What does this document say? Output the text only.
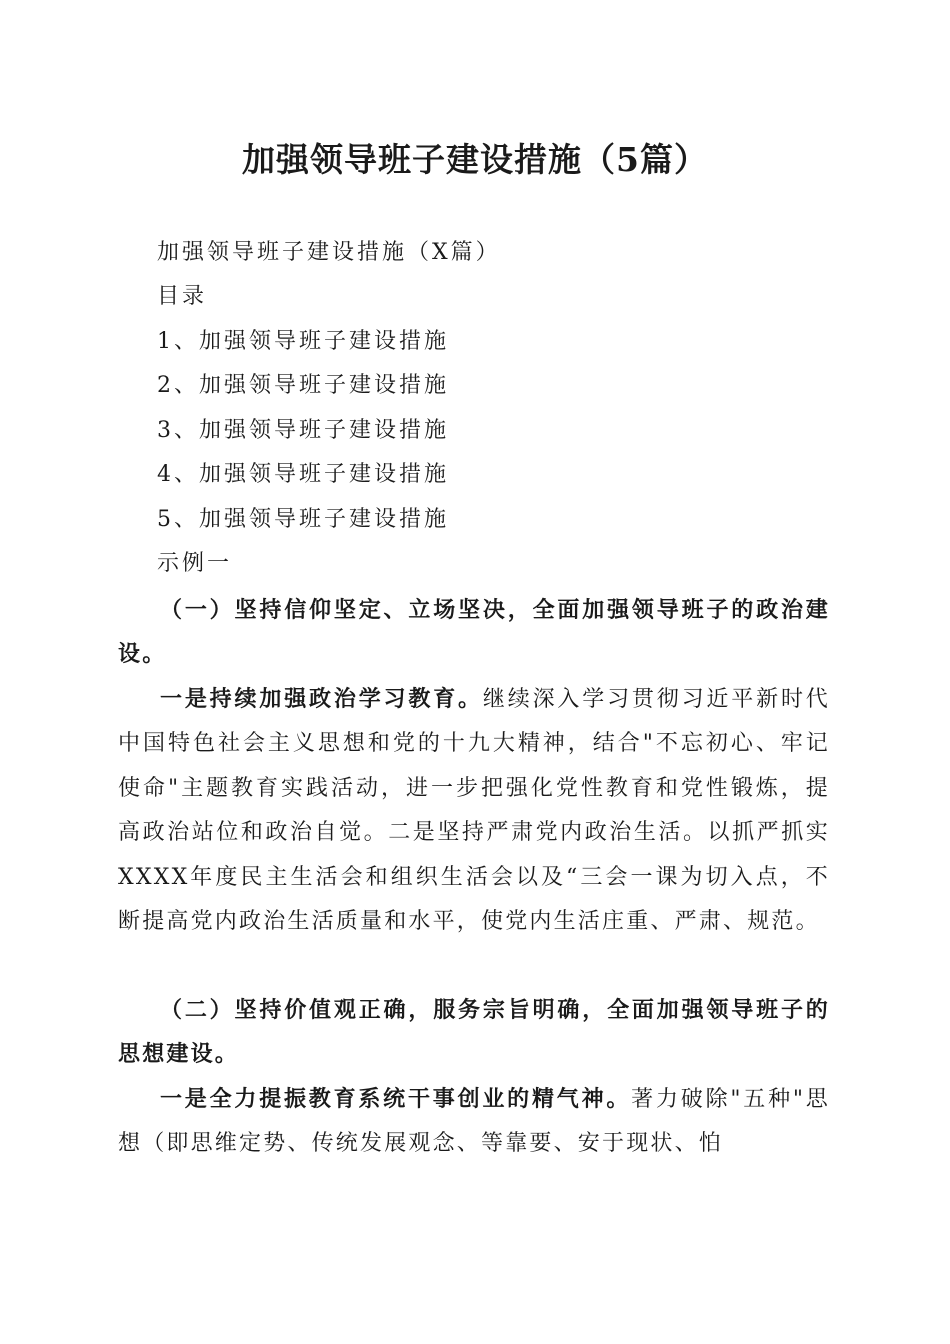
加强领导班子建设措施（5篇）

加强领导班子建设措施（X篇）

目录

1、加强领导班子建设措施

2、加强领导班子建设措施

3、加强领导班子建设措施

4、加强领导班子建设措施

5、加强领导班子建设措施

示例一

（一）坚持信仰坚定、立场坚决，全面加强领导班子的政治建设。

一是持续加强政治学习教育。继续深入学习贯彻习近平新时代中国特色社会主义思想和党的十九大精神，结合"不忘初心、牢记使命"主题教育实践活动，进一步把强化党性教育和党性锻炼，提高政治站位和政治自觉。二是坚持严肃党内政治生活。以抓严抓实XXXX年度民主生活会和组织生活会以及“三会一课为切入点，不断提高党内政治生活质量和水平，使党内生活庄重、严肃、规范。

（二）坚持价值观正确，服务宗旨明确，全面加强领导班子的思想建设。

一是全力提振教育系统干事创业的精气神。著力破除"五种"思想（即思维定势、传统发展观念、等靠要、安于现状、怕
